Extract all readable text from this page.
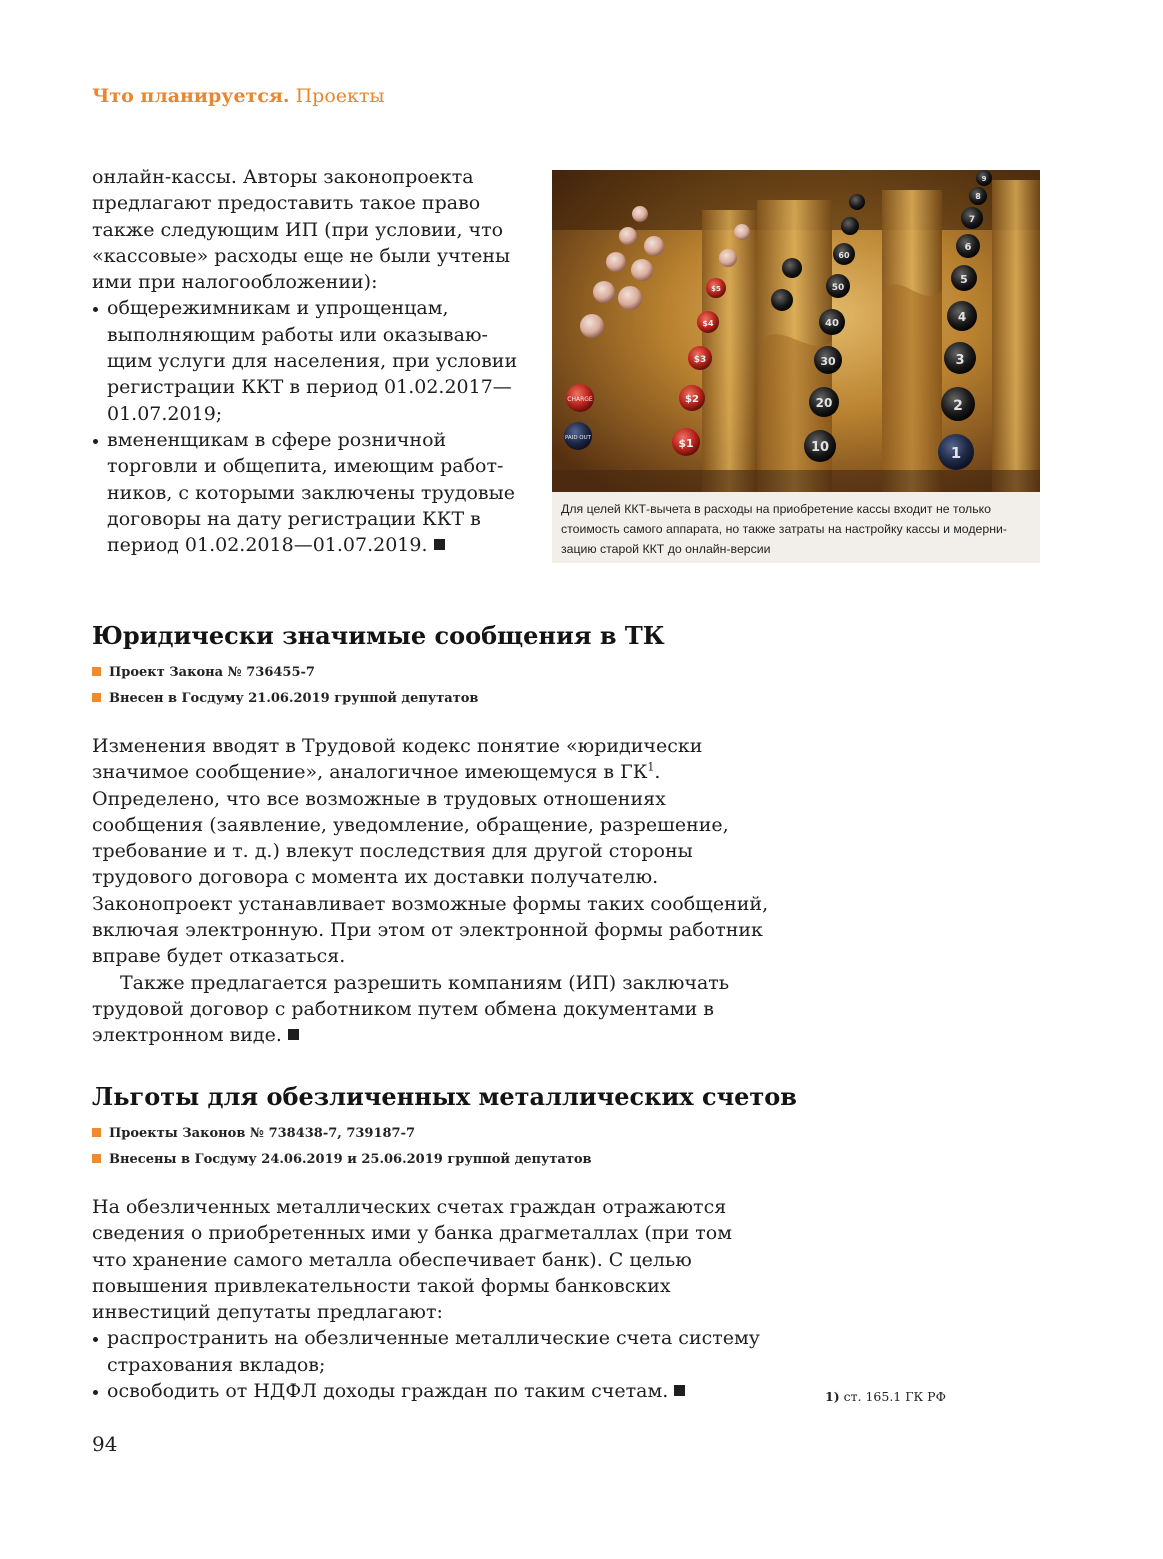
Что планируется. Проекты

онлайн-кассы. Авторы законопроекта предлагают предоставить такое право также следующим ИП (при условии, что «кассовые» расходы еще не были учтены ими при налогообложении):

общережимникам и упрощенцам, выполняющим работы или оказывающим услуги для населения, при условии регистрации ККТ в период 01.02.2017—01.07.2019;
вмененщикам в сфере розничной торговли и общепита, имеющим работников, с которыми заключены трудовые договоры на дату регистрации ККТ в период 01.02.2018—01.07.2019.
CHARGE
PAID OUT	$1
$2
$3
$4
$5
10
20
30
40
50
60
1
2
3
4
5
6
7
8
9
Для целей ККТ-вычета в расходы на приобретение кассы входит не только стоимость самого аппарата, но также затраты на настройку кассы и модернизацию старой ККТ до онлайн-версии
Юридически значимые сообщения в ТК
Проект Закона № 736455-7
Внесен в Госдуму 21.06.2019 группой депутатов

Изменения вводят в Трудовой кодекс понятие «юридически значимое сообщение», аналогичное имеющемуся в $ГК^1$. Определено, что все возможные в трудовых отношениях сообщения (заявление, уведомление, обращение, разрешение, требование и т. д.) влекут последствия для другой стороны трудового договора с момента их доставки получателю. Законопроект устанавливает возможные формы таких сообщений, включая электронную. При этом от электронной формы работник вправе будет отказаться.

Также предлагается разрешить компаниям (ИП) заключать трудовой договор с работником путем обмена документами в электронном виде.

Льготы для обезличенных металлических счетов
Проекты Законов № 738438-7, 739187-7
Внесены в Госдуму 24.06.2019 и 25.06.2019 группой депутатов

На обезличенных металлических счетах граждан отражаются сведения о приобретенных ими у банка драгметаллах (при том что хранение самого металла обеспечивает банк). С целью повышения привлекательности такой формы банковских инвестиций депутаты предлагают:

распространить на обезличенные металлические счета систему страхования вкладов;
освободить от НДФЛ доходы граждан по таким счетам.	1) ст. 165.1 ГК РФ
94
